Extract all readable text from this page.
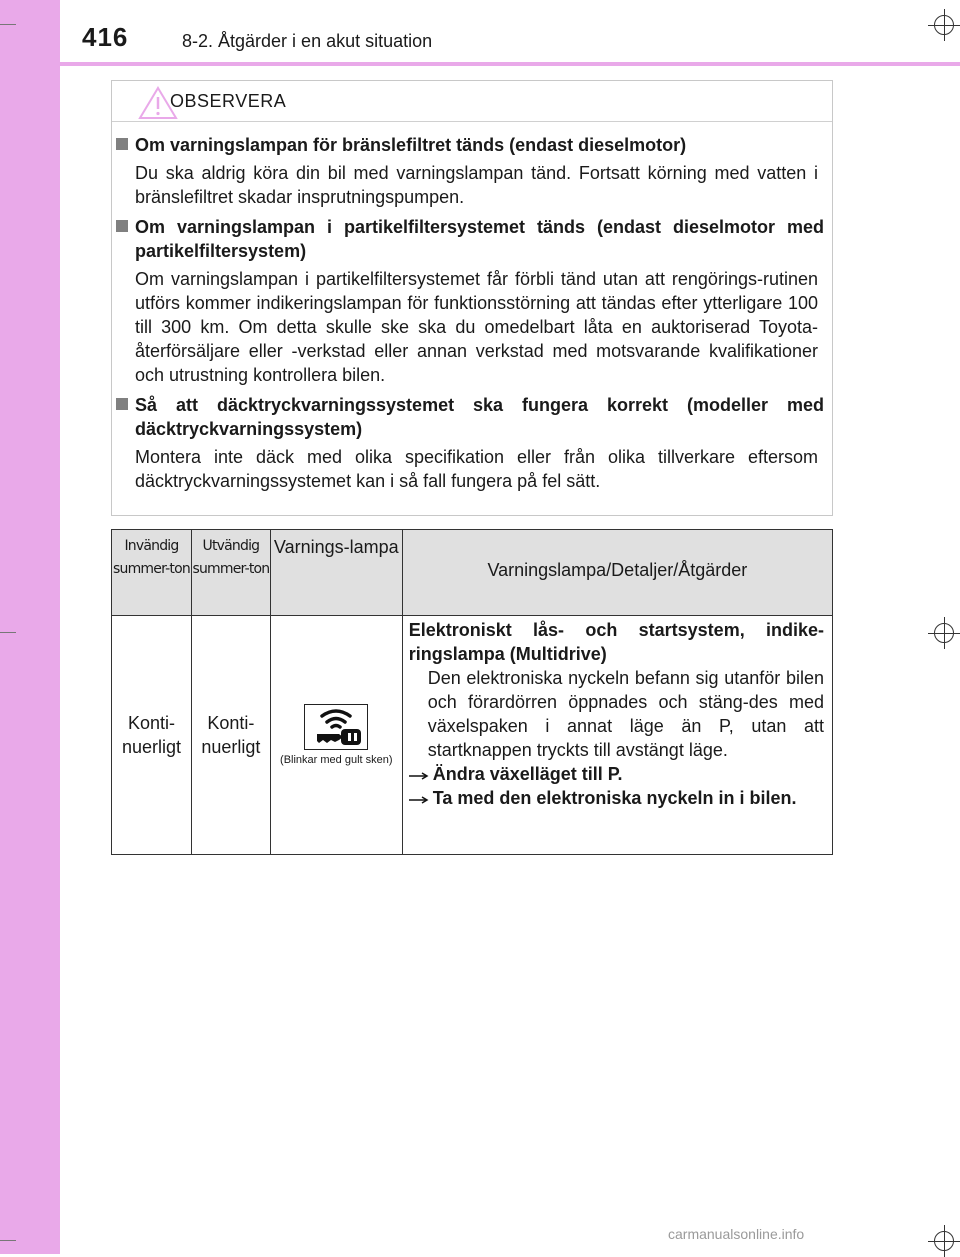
416	8-2. Åtgärder i en akut situation
OBSERVERA

Om varningslampan för bränslefiltret tänds (endast dieselmotor)

Du ska aldrig köra din bil med varningslampan tänd. Fortsatt körning med vatten i bränslefiltret skadar insprutningspumpen.

Om varningslampan i partikelfiltersystemet tänds (endast dieselmotor med partikelfiltersystem)

Om varningslampan i partikelfiltersystemet får förbli tänd utan att rengörings-rutinen utförs kommer indikeringslampan för funktionsstörning att tändas efter ytterligare 100 till 300 km. Om detta skulle ske ska du omedelbart låta en auktoriserad Toyota-återförsäljare eller -verkstad eller annan verkstad med motsvarande kvalifikationer och utrustning kontrollera bilen.

Så att däcktryckvarningssystemet ska fungera korrekt (modeller med däcktryckvarningssystem)

Montera inte däck med olika specifikation eller från olika tillverkare eftersom däcktryckvarningssystemet kan i så fall fungera på fel sätt.

Invändig summer-ton	Utvändig summer-ton	Varnings-lampa	Varningslampa/Detaljer/Åtgärder

Konti-nuerligt	Konti-nuerligt	(Blinkar med gult sken)	Elektroniskt lås- och startsystem, indike-ringslampa (Multidrive)
Den elektroniska nyckeln befann sig utanför bilen och förardörren öppnades och stäng-des med växelspaken i annat läge än P, utan att startknappen tryckts till avstängt läge.
Ändra växelläget till P.
Ta med den elektroniska nyckeln in i bilen.
carmanualsonline.info
